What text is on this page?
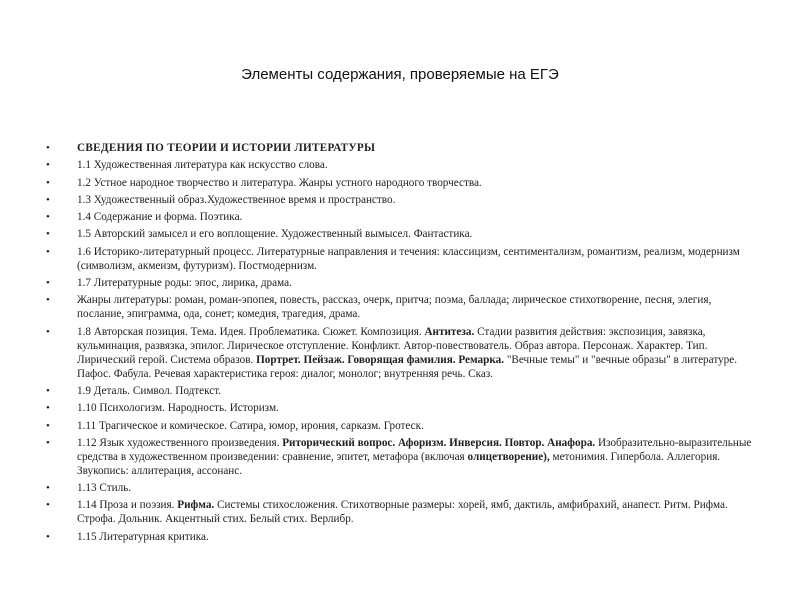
Элементы содержания, проверяемые на ЕГЭ
• СВЕДЕНИЯ ПО ТЕОРИИ И ИСТОРИИ ЛИТЕРАТУРЫ
• 1.1 Художественная литература как искусство слова.
• 1.2 Устное народное творчество и литература. Жанры устного народного творчества.
• 1.3 Художественный образ.Художественное время и пространство.
• 1.4 Содержание и форма. Поэтика.
• 1.5 Авторский замысел и его воплощение. Художественный вымысел. Фантастика.
• 1.6 Историко-литературный процесс. Литературные направления и течения: классицизм, сентиментализм, романтизм, реализм, модернизм (символизм, акмеизм, футуризм). Постмодернизм.
• 1.7 Литературные роды: эпос, лирика, драма.
• Жанры литературы: роман, роман-эпопея, повесть, рассказ, очерк, притча; поэма, баллада; лирическое стихотворение, песня, элегия, послание, эпиграмма, ода, сонет; комедия, трагедия, драма.
• 1.8 Авторская позиция. Тема. Идея. Проблематика. Сюжет. Композиция. Антитеза. Стадии развития действия: экспозиция, завязка, кульминация, развязка, эпилог. Лирическое отступление. Конфликт. Автор-повествователь. Образ автора. Персонаж. Характер. Тип. Лирический герой. Система образов. Портрет. Пейзаж. Говорящая фамилия. Ремарка. "Вечные темы" и "вечные образы" в литературе. Пафос. Фабула. Речевая характеристика героя: диалог, монолог; внутренняя речь. Сказ.
• 1.9 Деталь. Символ. Подтекст.
• 1.10 Психологизм. Народность. Историзм.
• 1.11 Трагическое и комическое. Сатира, юмор, ирония, сарказм. Гротеск.
• 1.12 Язык художественного произведения. Риторический вопрос. Афоризм. Инверсия. Повтор. Анафора. Изобразительно-выразительные средства в художественном произведении: сравнение, эпитет, метафора (включая олицетворение), метонимия. Гипербола. Аллегория. Звукопись: аллитерация, ассонанс.
• 1.13 Стиль.
• 1.14 Проза и поэзия. Рифма. Системы стихосложения. Стихотворные размеры: хорей, ямб, дактиль, амфибрахий, анапест. Ритм. Рифма. Строфа. Дольник. Акцентный стих. Белый стих. Верлибр.
• 1.15 Литературная критика.
